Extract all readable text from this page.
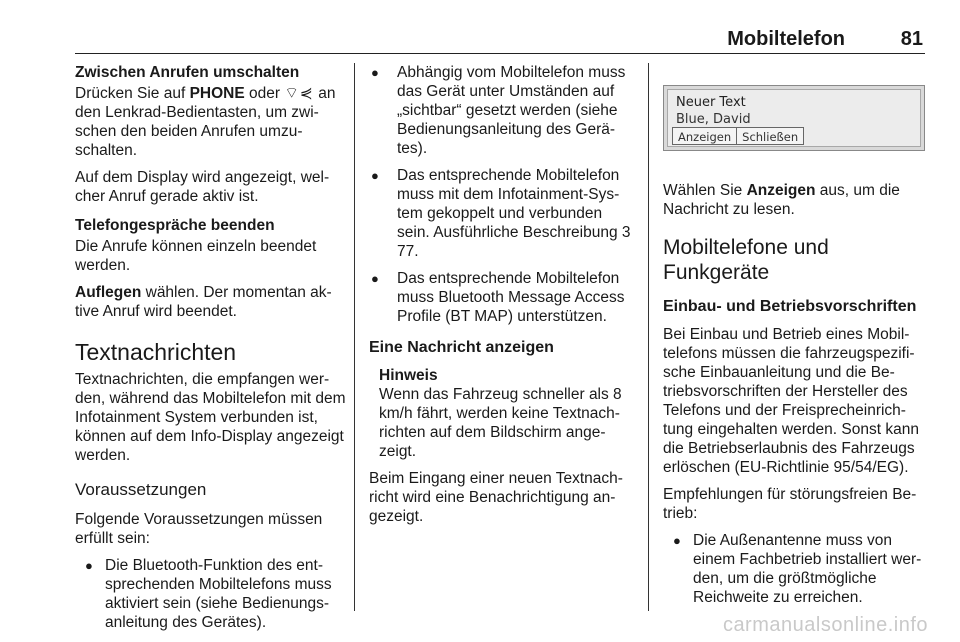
Mobiltelefon	81

Zwischen Anrufen umschalten

Drücken Sie auf PHONE oder ⌔⋞ an den Lenkrad-Bedientasten, um zwischen den beiden Anrufen umzuschalten.

Auf dem Display wird angezeigt, welcher Anruf gerade aktiv ist.

Telefongespräche beenden

Die Anrufe können einzeln beendet werden.

Auflegen wählen. Der momentan aktive Anruf wird beendet.

Textnachrichten

Textnachrichten, die empfangen werden, während das Mobiltelefon mit dem Infotainment System verbunden ist, können auf dem Info-Display angezeigt werden.

Voraussetzungen

Folgende Voraussetzungen müssen erfüllt sein:

● Die Bluetooth-Funktion des entsprechenden Mobiltelefons muss aktiviert sein (siehe Bedienungsanleitung des Gerätes).
● Abhängig vom Mobiltelefon muss das Gerät unter Umständen auf „sichtbar“ gesetzt werden (siehe Bedienungsanleitung des Gerätes).
● Das entsprechende Mobiltelefon muss mit dem Infotainment-System gekoppelt und verbunden sein. Ausführliche Beschreibung 3 77.
● Das entsprechende Mobiltelefon muss Bluetooth Message Access Profile (BT MAP) unterstützen.
Eine Nachricht anzeigen
Hinweis
Wenn das Fahrzeug schneller als 8 km/h fährt, werden keine Textnachrichten auf dem Bildschirm angezeigt.

Beim Eingang einer neuen Textnachricht wird eine Benachrichtigung angezeigt.

Neuer Text
Blue, David
Anzeigen Schließen

Wählen Sie Anzeigen aus, um die Nachricht zu lesen.

Mobiltelefone und Funkgeräte
Einbau- und Betriebsvorschriften

Bei Einbau und Betrieb eines Mobiltelefons müssen die fahrzeugspezifische Einbauanleitung und die Betriebsvorschriften der Hersteller des Telefons und der Freisprecheinrichtung eingehalten werden. Sonst kann die Betriebserlaubnis des Fahrzeugs erlöschen (EU-Richtlinie 95/54/EG).

Empfehlungen für störungsfreien Betrieb:

● Die Außenantenne muss von einem Fachbetrieb installiert werden, um die größtmögliche Reichweite zu erreichen.
carmanualsonline.info
